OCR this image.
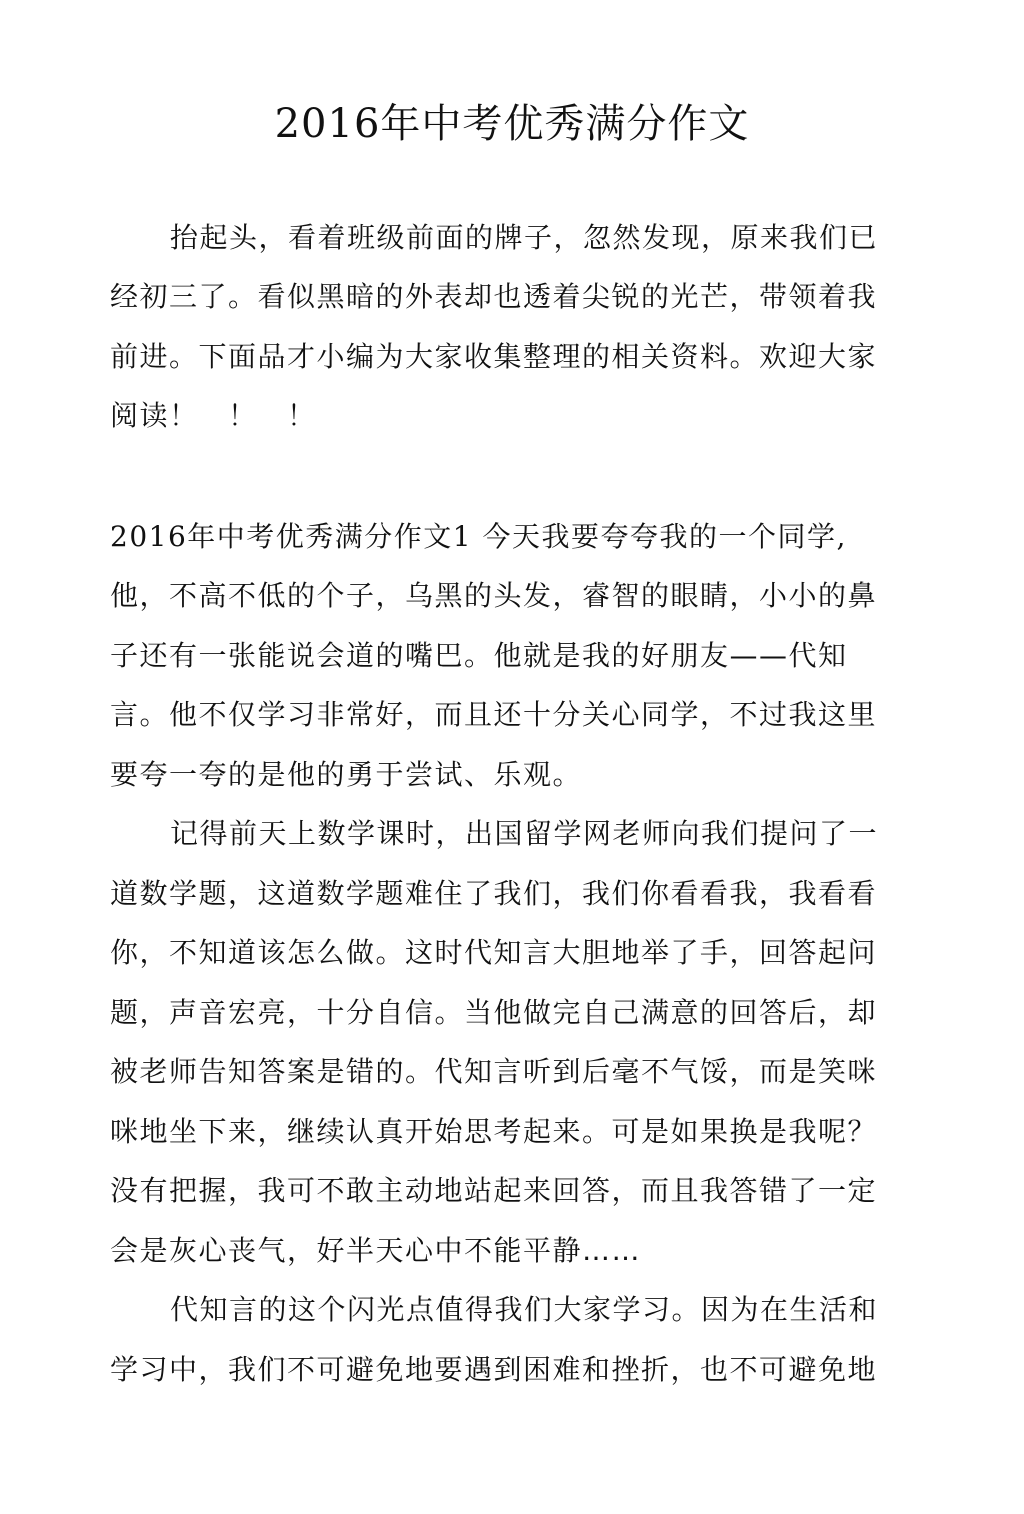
2016年中考优秀满分作文
抬起头，看着班级前面的牌子，忽然发现，原来我们已
经初三了。看似黑暗的外表却也透着尖锐的光芒，带领着我
前进。下面品才小编为大家收集整理的相关资料。欢迎大家
阅读！　！　！
2016年中考优秀满分作文1 今天我要夸夸我的一个同学,
他，不高不低的个子，乌黑的头发，睿智的眼睛，小小的鼻
子还有一张能说会道的嘴巴。他就是我的好朋友——代知
言。他不仅学习非常好，而且还十分关心同学，不过我这里
要夸一夸的是他的勇于尝试、乐观。
记得前天上数学课时，出国留学网老师向我们提问了一
道数学题，这道数学题难住了我们，我们你看看我，我看看
你，不知道该怎么做。这时代知言大胆地举了手，回答起问
题，声音宏亮，十分自信。当他做完自己满意的回答后，却
被老师告知答案是错的。代知言听到后毫不气馁，而是笑咪
咪地坐下来，继续认真开始思考起来。可是如果换是我呢？
没有把握，我可不敢主动地站起来回答，而且我答错了一定
会是灰心丧气，好半天心中不能平静……
代知言的这个闪光点值得我们大家学习。因为在生活和
学习中，我们不可避免地要遇到困难和挫折，也不可避免地
